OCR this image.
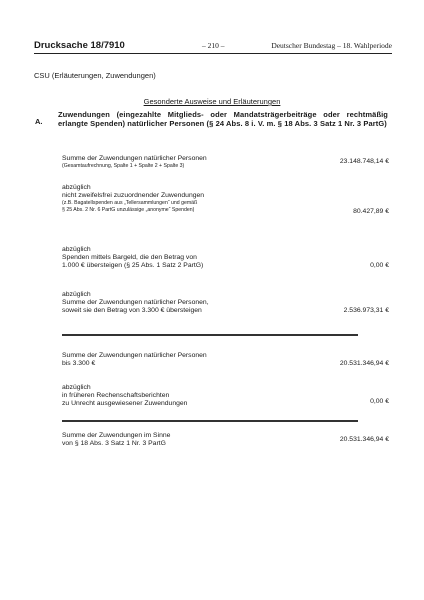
Drucksache 18/7910	– 210 –	Deutscher Bundestag – 18. Wahlperiode
CSU (Erläuterungen, Zuwendungen)
Gesonderte Ausweise und Erläuterungen
A.
Zuwendungen (eingezahlte Mitglieds- oder Mandatsträgerbeiträge oder rechtmäßig erlangte Spenden) natürlicher Personen (§ 24 Abs. 8 i. V. m. § 18 Abs. 3 Satz 1 Nr. 3 PartG)
Summe der Zuwendungen natürlicher Personen
(Gesamtaufrechnung, Spalte 1 + Spalte 2 + Spalte 3)
23.148.748,14 €
abzüglich
nicht zweifelsfrei zuzuordnender Zuwendungen
(z.B. Bagatellspenden aus „Tellersammlungen“ und gemäß
§ 25 Abs. 2 Nr. 6 PartG unzulässige „anonyme“ Spenden)	80.427,89 €
abzüglich
Spenden mittels Bargeld, die den Betrag von
1.000 € übersteigen (§ 25 Abs. 1 Satz 2 PartG)	0,00 €
abzüglich
Summe der Zuwendungen natürlicher Personen,
soweit sie den Betrag von 3.300 € übersteigen	2.536.973,31 €
Summe der Zuwendungen natürlicher Personen
bis 3.300 €	20.531.346,94 €
abzüglich
in früheren Rechenschaftsberichten
zu Unrecht ausgewiesener Zuwendungen	0,00 €
Summe der Zuwendungen im Sinne
von § 18 Abs. 3 Satz 1 Nr. 3 PartG
20.531.346,94 €
